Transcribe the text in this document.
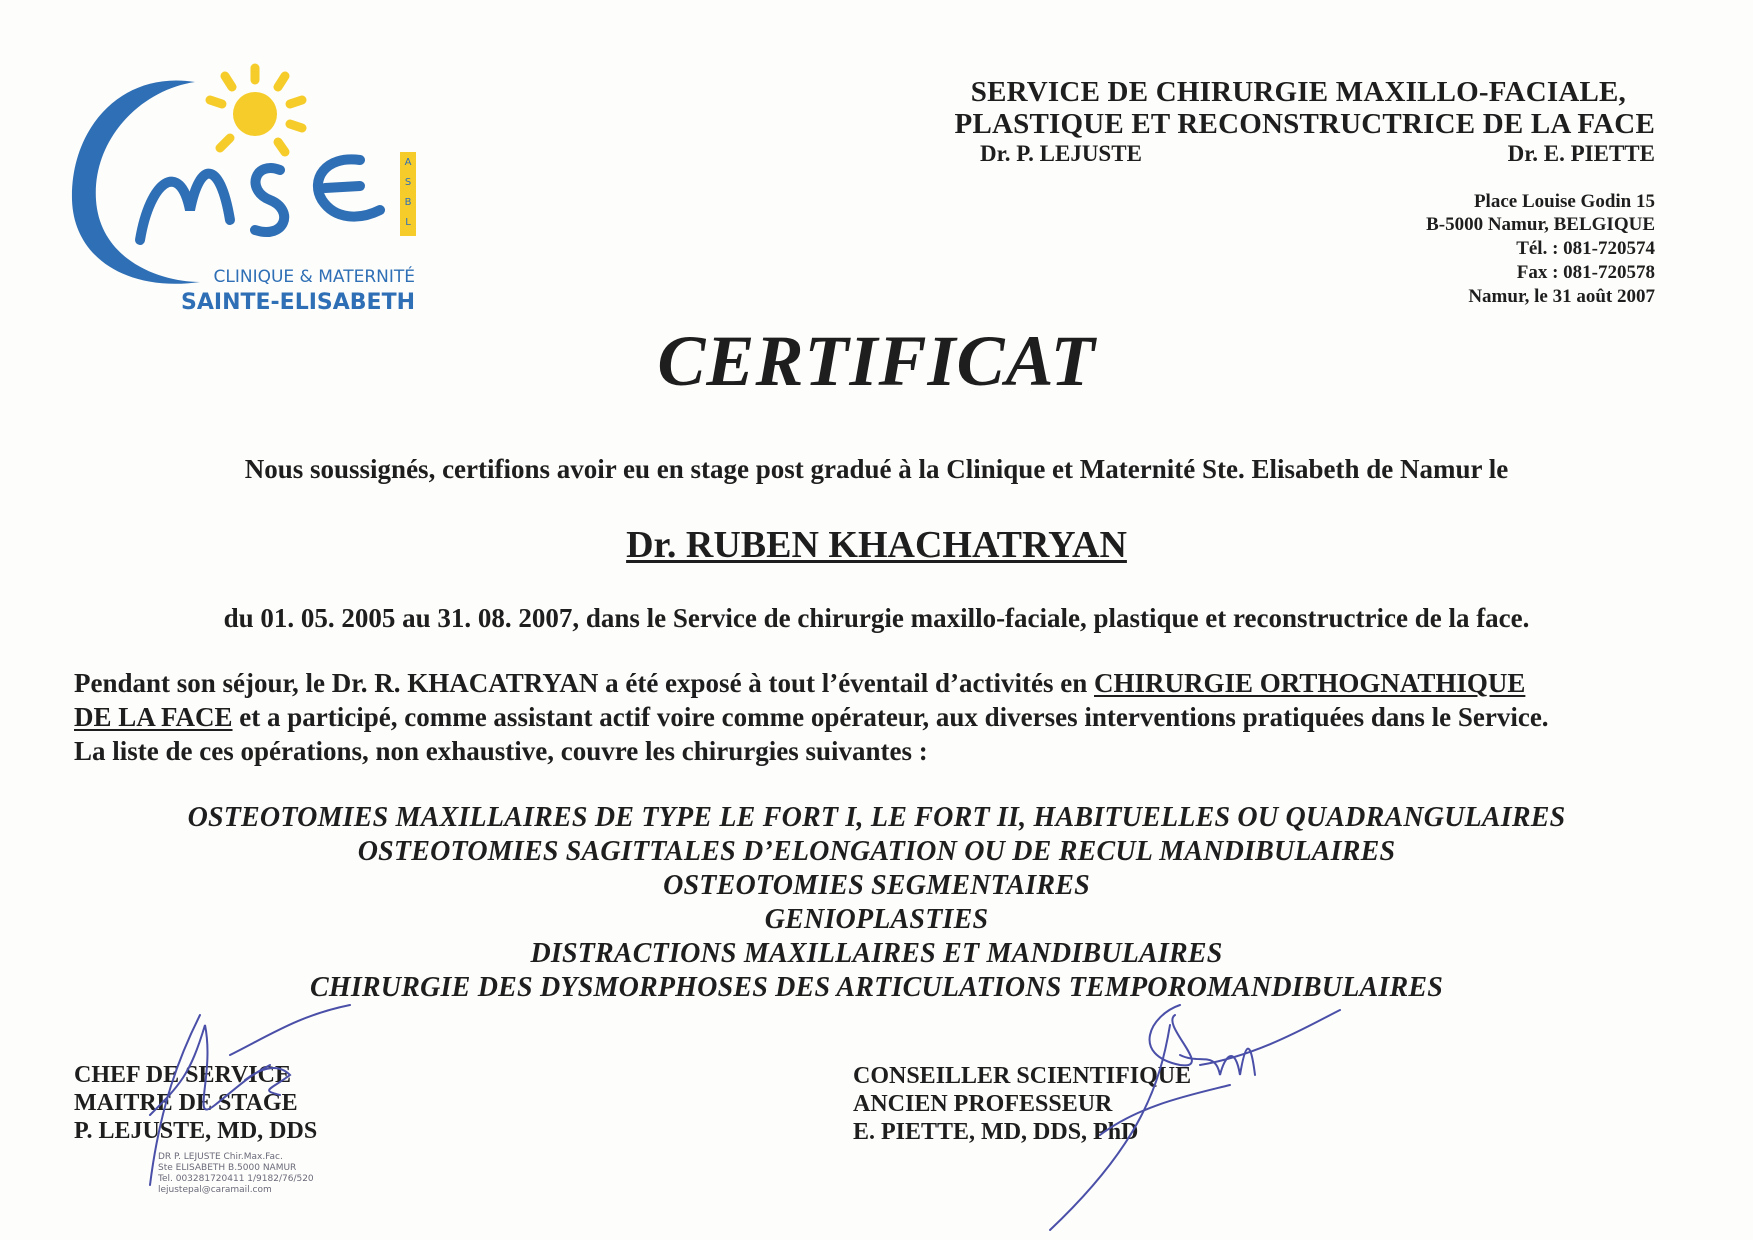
A
S
B
L
CLINIQUE & MATERNITÉ
SAINTE-ELISABETH
SERVICE DE CHIRURGIE MAXILLO-FACIALE,
PLASTIQUE ET RECONSTRUCTRICE DE LA FACE
Dr. P. LEJUSTE	Dr. E. PIETTE
Place Louise Godin 15
B-5000 Namur, BELGIQUE
Tél. : 081-720574
Fax : 081-720578
Namur, le 31 août 2007
CERTIFICAT
Nous soussignés, certifions avoir eu en stage post gradué à la Clinique et Maternité Ste. Elisabeth de Namur le
Dr. RUBEN KHACHATRYAN
du 01. 05. 2005 au 31. 08. 2007, dans le Service de chirurgie maxillo-faciale, plastique et reconstructrice de la face.
Pendant son séjour, le Dr. R. KHACATRYAN a été exposé à tout l’éventail d’activités en CHIRURGIE ORTHOGNATHIQUE
DE LA FACE et a participé, comme assistant actif voire comme opérateur, aux diverses interventions pratiquées dans le Service.
La liste de ces opérations, non exhaustive, couvre les chirurgies suivantes :
OSTEOTOMIES MAXILLAIRES DE TYPE LE FORT I, LE FORT II, HABITUELLES OU QUADRANGULAIRES
OSTEOTOMIES SAGITTALES D’ELONGATION OU DE RECUL MANDIBULAIRES
OSTEOTOMIES SEGMENTAIRES
GENIOPLASTIES
DISTRACTIONS MAXILLAIRES ET MANDIBULAIRES
CHIRURGIE DES DYSMORPHOSES DES ARTICULATIONS TEMPOROMANDIBULAIRES
CHEF DE SERVICE
MAITRE DE STAGE
P. LEJUSTE, MD, DDS
DR P. LEJUSTE Chir.Max.Fac.
Ste ELISABETH B.5000 NAMUR
Tel. 003281720411 1/9182/76/520
lejustepal@caramail.com
CONSEILLER SCIENTIFIQUE
ANCIEN PROFESSEUR
E. PIETTE, MD, DDS, PhD
